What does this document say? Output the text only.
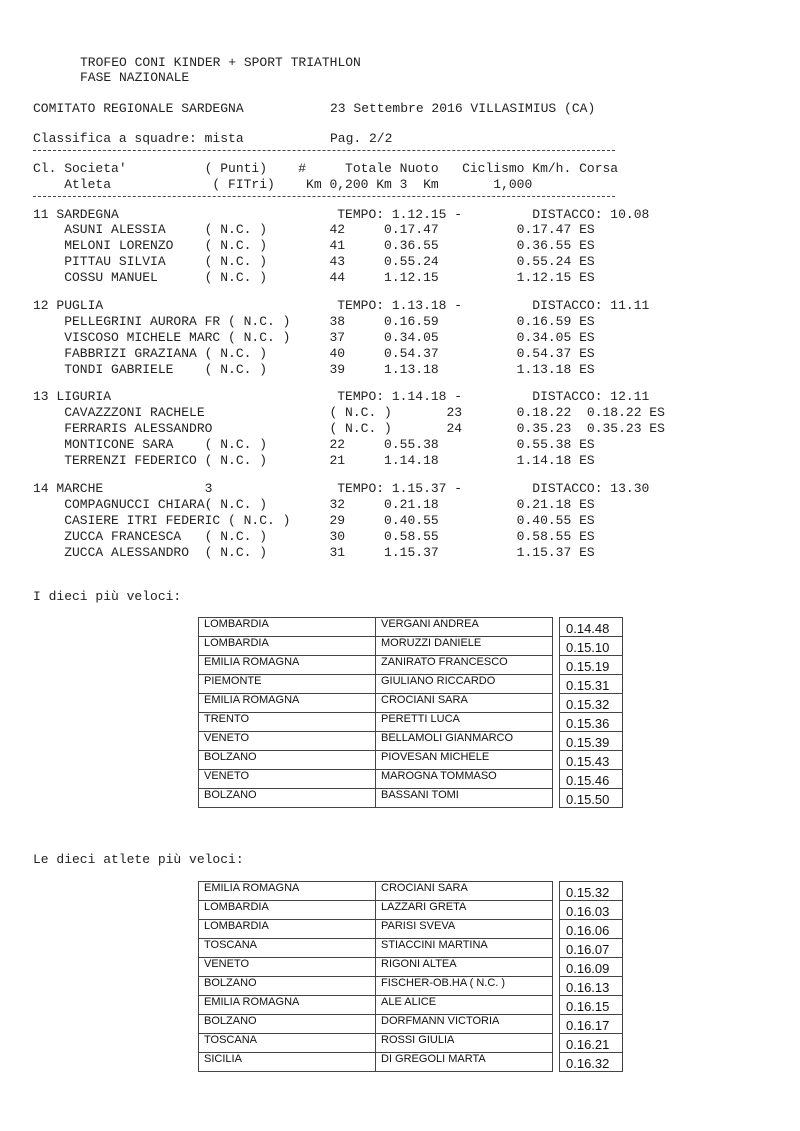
TROFEO CONI KINDER + SPORT TRIATHLON
FASE NAZIONALE
COMITATO REGIONALE SARDEGNA	23 Settembre 2016 VILLASIMIUS (CA)
Classifica a squadre: mista	Pag. 2/2
Cl. Societa'          ( Punti)    #     Totale Nuoto   Ciclismo Km/h. Corsa
Atleta             ( FITri)    Km 0,200 Km 3  Km       1,000
11 SARDEGNA                            TEMPO: 1.12.15 -         DISTACCO: 10.08
ASUNI ALESSIA     ( N.C. )        42     0.17.47          0.17.47 ES
MELONI LORENZO    ( N.C. )        41     0.36.55          0.36.55 ES
PITTAU SILVIA     ( N.C. )        43     0.55.24          0.55.24 ES
COSSU MANUEL      ( N.C. )        44     1.12.15          1.12.15 ES
12 PUGLIA                              TEMPO: 1.13.18 -         DISTACCO: 11.11
PELLEGRINI AURORA FR ( N.C. )     38     0.16.59          0.16.59 ES
VISCOSO MICHELE MARC ( N.C. )     37     0.34.05          0.34.05 ES
FABBRIZI GRAZIANA ( N.C. )        40     0.54.37          0.54.37 ES
TONDI GABRIELE    ( N.C. )        39     1.13.18          1.13.18 ES
13 LIGURIA                             TEMPO: 1.14.18 -         DISTACCO: 12.11
CAVAZZZONI RACHELE                ( N.C. )       23       0.18.22  0.18.22 ES
FERRARIS ALESSANDRO               ( N.C. )       24       0.35.23  0.35.23 ES
MONTICONE SARA    ( N.C. )        22     0.55.38          0.55.38 ES
TERRENZI FEDERICO ( N.C. )        21     1.14.18          1.14.18 ES
14 MARCHE             3                TEMPO: 1.15.37 -         DISTACCO: 13.30
COMPAGNUCCI CHIARA( N.C. )        32     0.21.18          0.21.18 ES
CASIERE ITRI FEDERIC ( N.C. )     29     0.40.55          0.40.55 ES
ZUCCA FRANCESCA   ( N.C. )        30     0.58.55          0.58.55 ES
ZUCCA ALESSANDRO  ( N.C. )        31     1.15.37          1.15.37 ES
I dieci più veloci:
LOMBARDIA	VERGANI ANDREA		0.14.48
LOMBARDIA	MORUZZI DANIELE		0.15.10
EMILIA ROMAGNA	ZANIRATO FRANCESCO		0.15.19
PIEMONTE	GIULIANO RICCARDO		0.15.31
EMILIA ROMAGNA	CROCIANI SARA		0.15.32
TRENTO	PERETTI LUCA		0.15.36
VENETO	BELLAMOLI GIANMARCO		0.15.39
BOLZANO	PIOVESAN MICHELE		0.15.43
VENETO	MAROGNA TOMMASO		0.15.46
BOLZANO	BASSANI TOMI		0.15.50
Le dieci atlete più veloci:
EMILIA ROMAGNA	CROCIANI SARA		0.15.32
LOMBARDIA	LAZZARI GRETA		0.16.03
LOMBARDIA	PARISI SVEVA		0.16.06
TOSCANA	STIACCINI MARTINA		0.16.07
VENETO	RIGONI ALTEA		0.16.09
BOLZANO	FISCHER-OB.HA ( N.C. )		0.16.13
EMILIA ROMAGNA	ALE ALICE		0.16.15
BOLZANO	DORFMANN VICTORIA		0.16.17
TOSCANA	ROSSI GIULIA		0.16.21
SICILIA	DI GREGOLI MARTA		0.16.32
